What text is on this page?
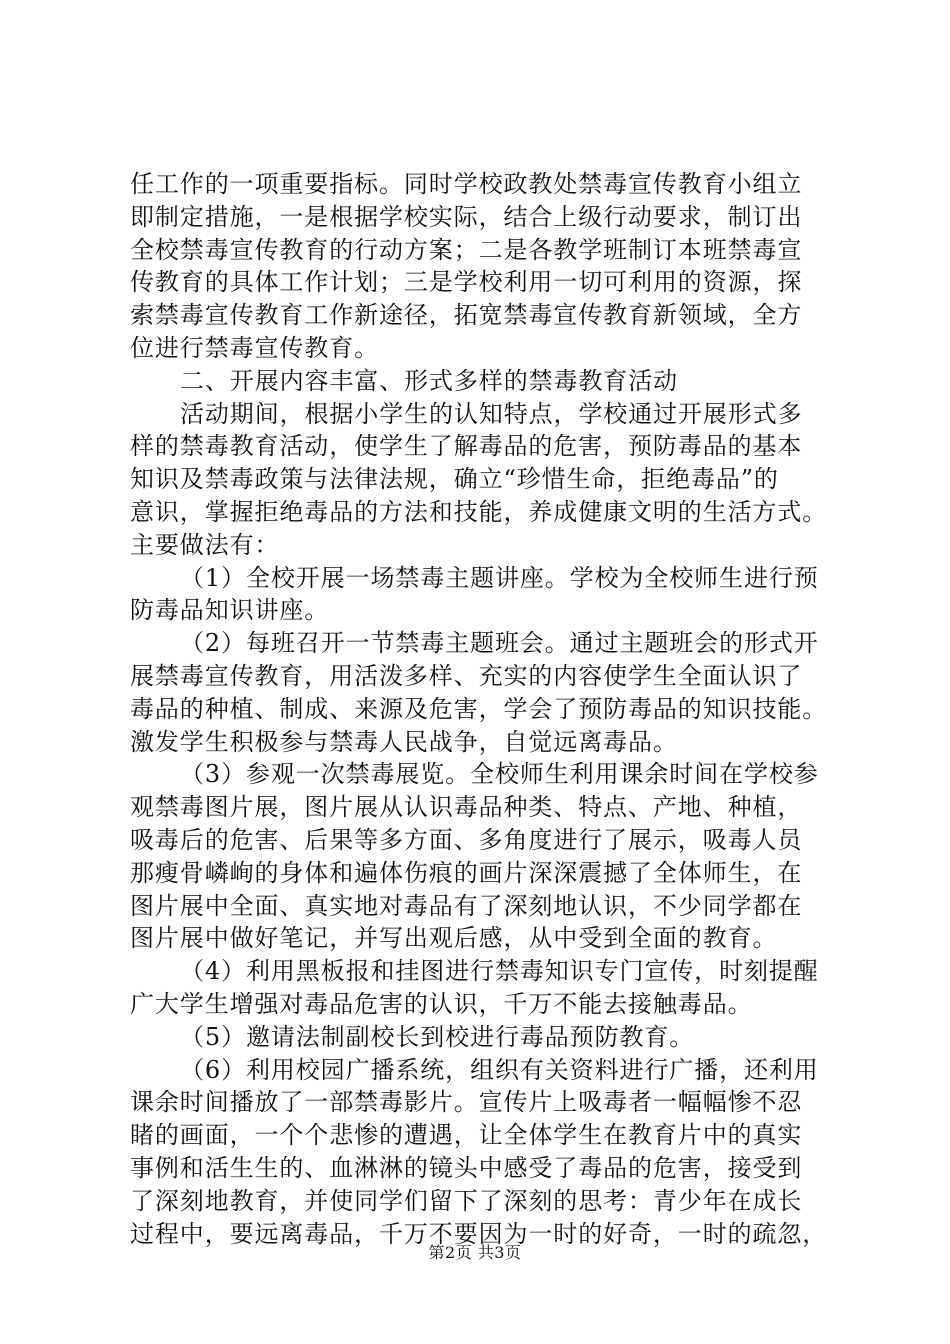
任工作的一项重要指标。同时学校政教处禁毒宣传教育小组立
即制定措施，一是根据学校实际，结合上级行动要求，制订出
全校禁毒宣传教育的行动方案；二是各教学班制订本班禁毒宣
传教育的具体工作计划；三是学校利用一切可利用的资源，探
索禁毒宣传教育工作新途径，拓宽禁毒宣传教育新领域，全方
位进行禁毒宣传教育。
二、开展内容丰富、形式多样的禁毒教育活动
活动期间，根据小学生的认知特点，学校通过开展形式多
样的禁毒教育活动，使学生了解毒品的危害，预防毒品的基本
知识及禁毒政策与法律法规，确立“珍惜生命，拒绝毒品”的
意识，掌握拒绝毒品的方法和技能，养成健康文明的生活方式。
主要做法有：
（1）全校开展一场禁毒主题讲座。学校为全校师生进行预
防毒品知识讲座。
（2）每班召开一节禁毒主题班会。通过主题班会的形式开
展禁毒宣传教育，用活泼多样、充实的内容使学生全面认识了
毒品的种植、制成、来源及危害，学会了预防毒品的知识技能。
激发学生积极参与禁毒人民战争，自觉远离毒品。
（3）参观一次禁毒展览。全校师生利用课余时间在学校参
观禁毒图片展，图片展从认识毒品种类、特点、产地、种植，
吸毒后的危害、后果等多方面、多角度进行了展示，吸毒人员
那瘦骨嶙峋的身体和遍体伤痕的画片深深震撼了全体师生，在
图片展中全面、真实地对毒品有了深刻地认识，不少同学都在
图片展中做好笔记，并写出观后感，从中受到全面的教育。
（4）利用黑板报和挂图进行禁毒知识专门宣传，时刻提醒
广大学生增强对毒品危害的认识，千万不能去接触毒品。
（5）邀请法制副校长到校进行毒品预防教育。
（6）利用校园广播系统，组织有关资料进行广播，还利用
课余时间播放了一部禁毒影片。宣传片上吸毒者一幅幅惨不忍
睹的画面，一个个悲惨的遭遇，让全体学生在教育片中的真实
事例和活生生的、血淋淋的镜头中感受了毒品的危害，接受到
了深刻地教育，并使同学们留下了深刻的思考：青少年在成长
过程中，要远离毒品，千万不要因为一时的好奇，一时的疏忽，
第2页 共3页
